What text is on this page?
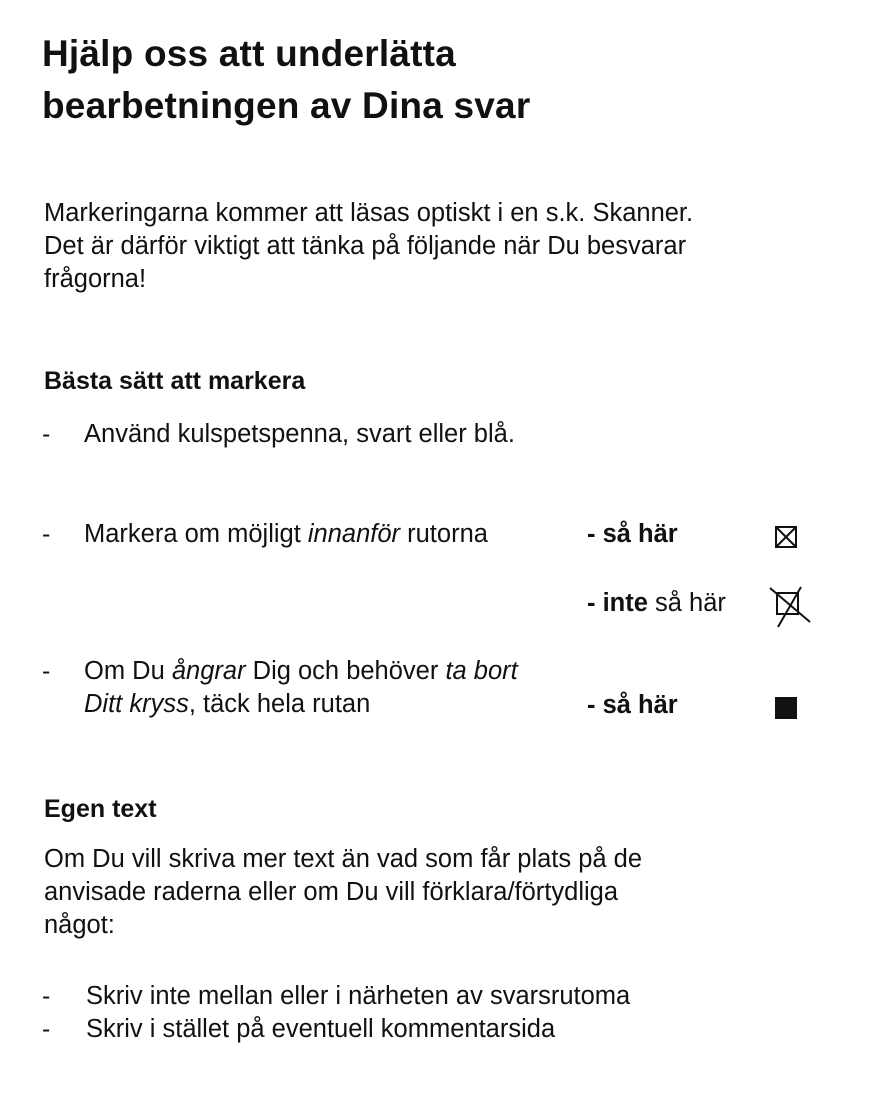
Hjälp oss att underlätta
bearbetningen av Dina svar
Markeringarna kommer att läsas optiskt i en s.k. Skanner.
Det är därför viktigt att tänka på följande när Du besvarar
frågorna!
Bästa sätt att markera
- Använd kulspetspenna, svart eller blå.
- Markera om möjligt innanför rutorna	- så här
- inte så här
- Om Du ångrar Dig och behöver ta bort
Ditt kryss, täck hela rutan	- så här
Egen text
Om Du vill skriva mer text än vad som får plats på de
anvisade raderna eller om Du vill förklara/förtydliga
något:
- Skriv inte mellan eller i närheten av svarsrutoma
- Skriv i stället på eventuell kommentarsida
